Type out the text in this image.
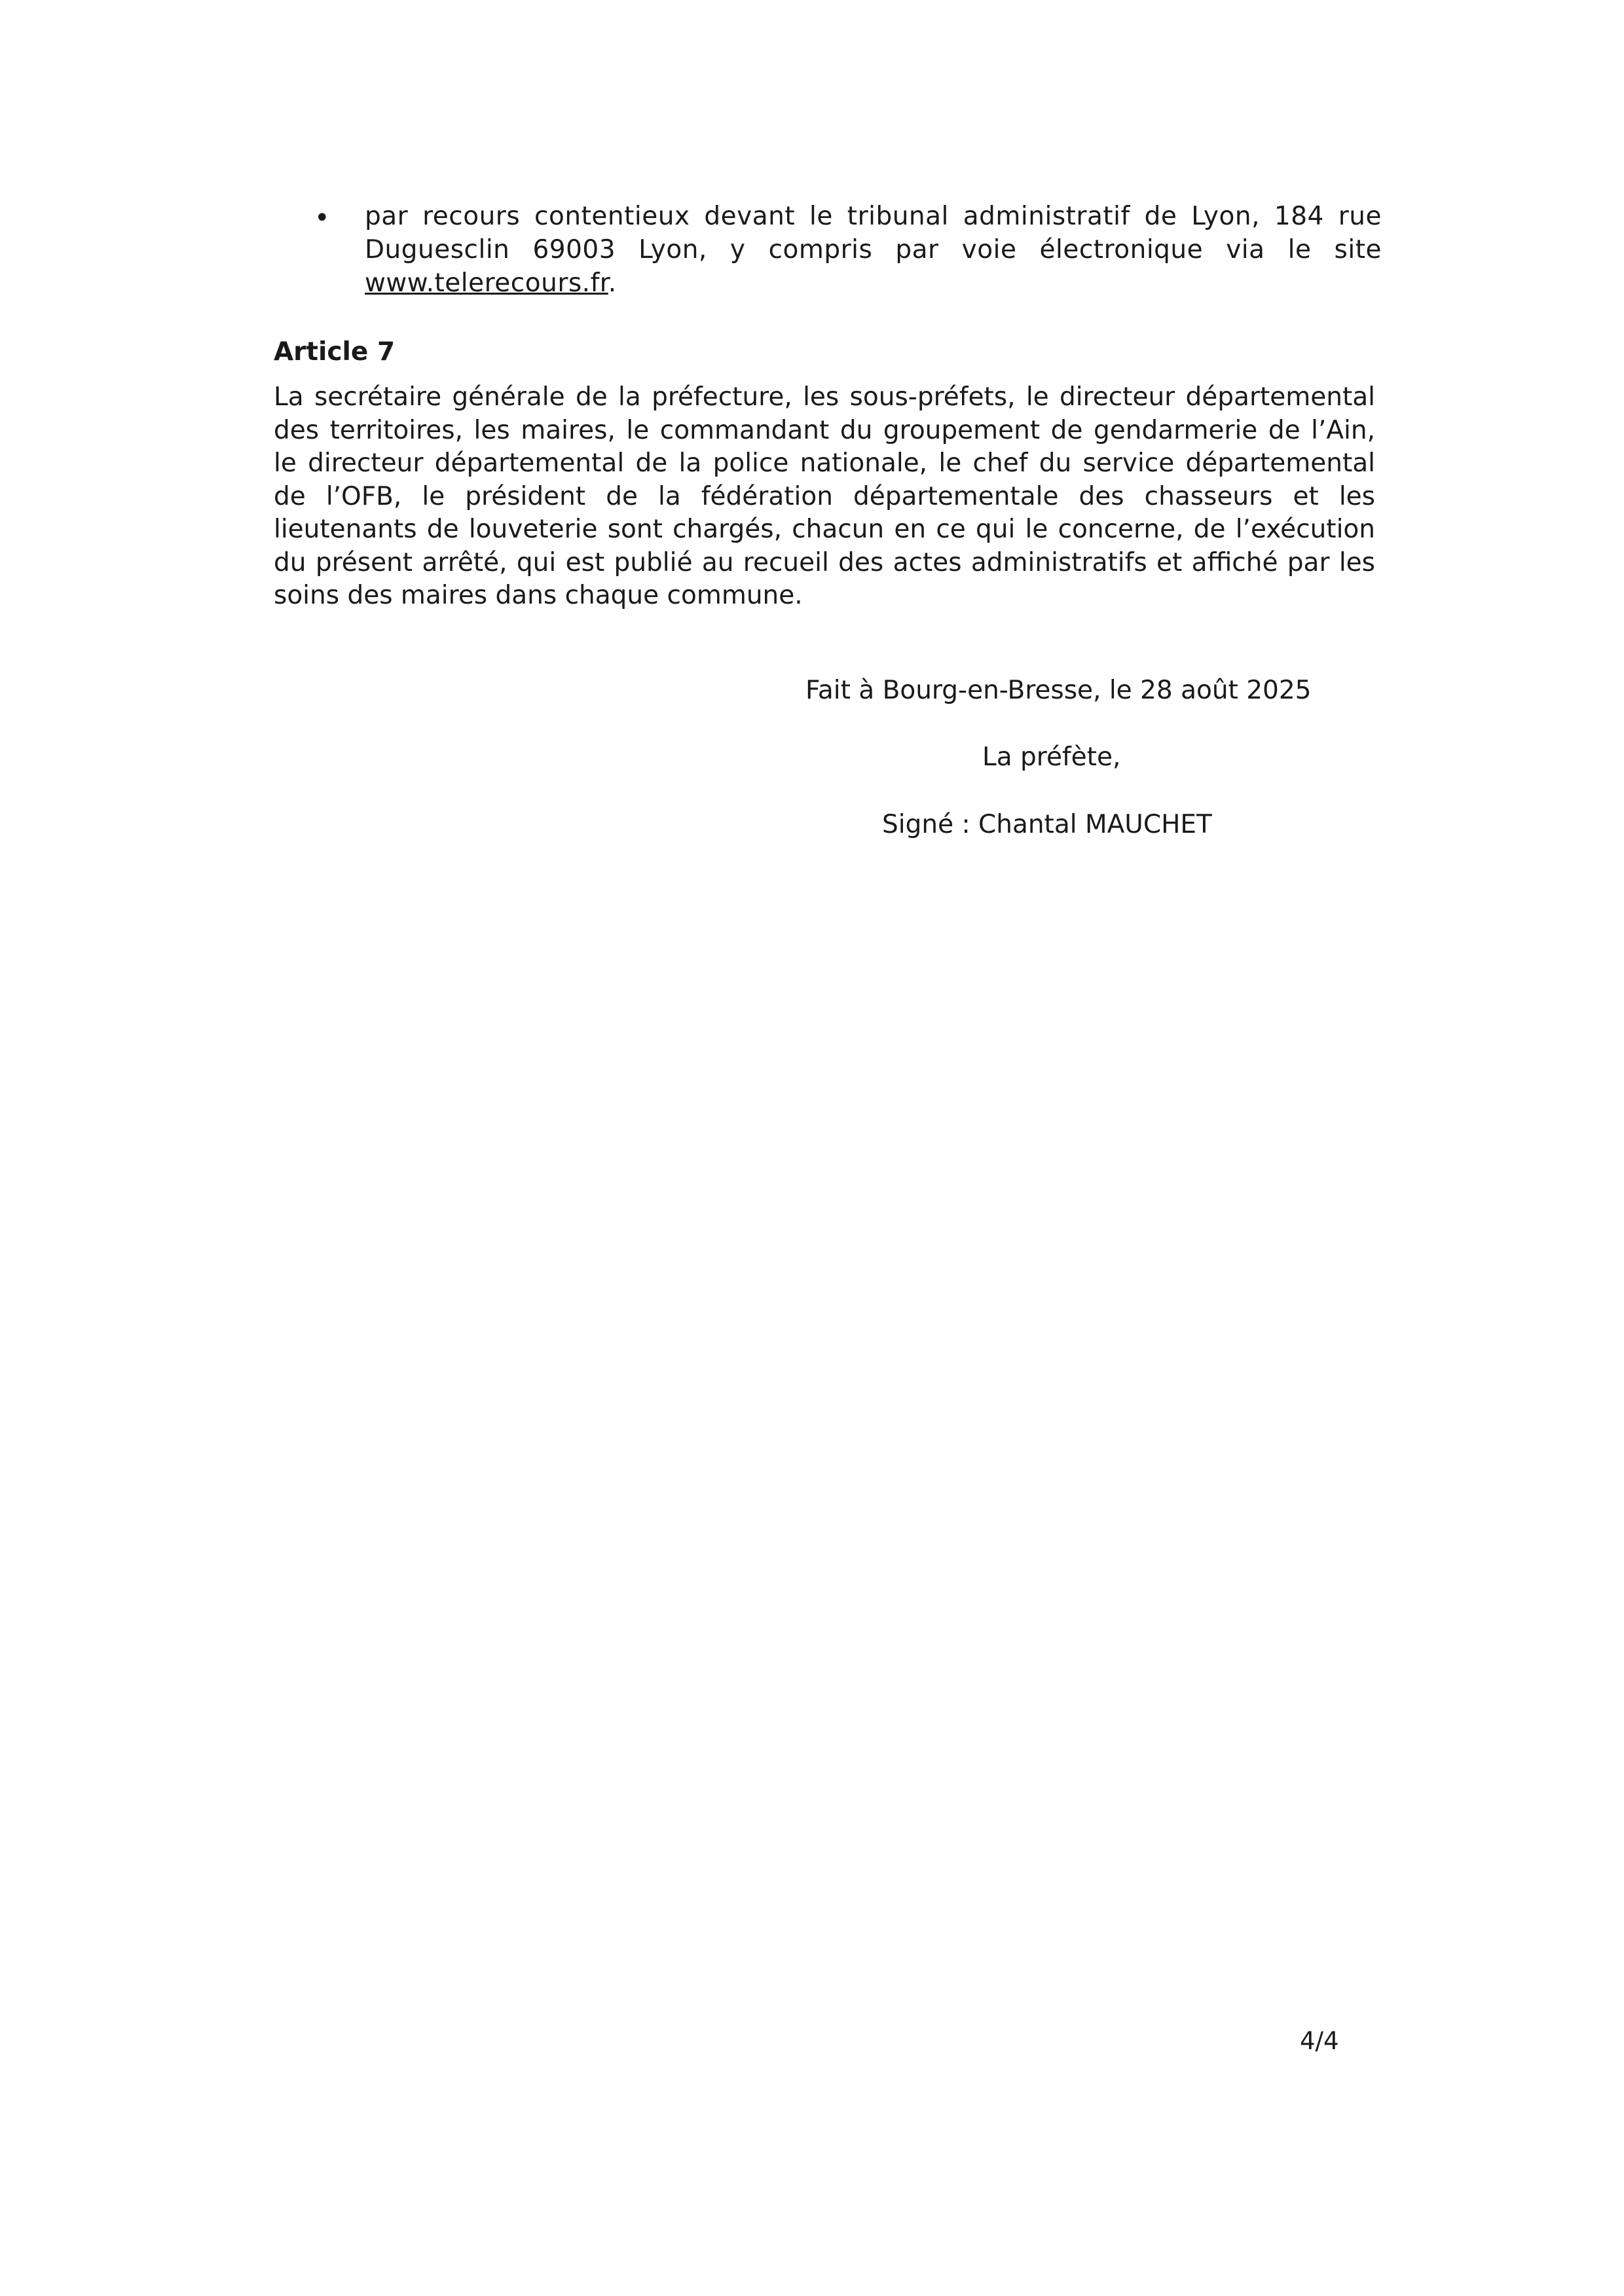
• par recours contentieux devant le tribunal administratif de Lyon, 184 rue Duguesclin 69003 Lyon, y compris par voie électronique via le site www.telerecours.fr.

Article 7

La secrétaire générale de la préfecture, les sous-préfets, le directeur départemental des territoires, les maires, le commandant du groupement de gendarmerie de l’Ain, le directeur départemental de la police nationale, le chef du service départemental de l’OFB, le président de la fédération départementale des chasseurs et les lieutenants de louveterie sont chargés, chacun en ce qui le concerne, de l’exécution du présent arrêté, qui est publié au recueil des actes administratifs et affiché par les soins des maires dans chaque commune.

Fait à Bourg-en-Bresse, le 28 août 2025
La préfète,
Signé : Chantal MAUCHET
4/4
